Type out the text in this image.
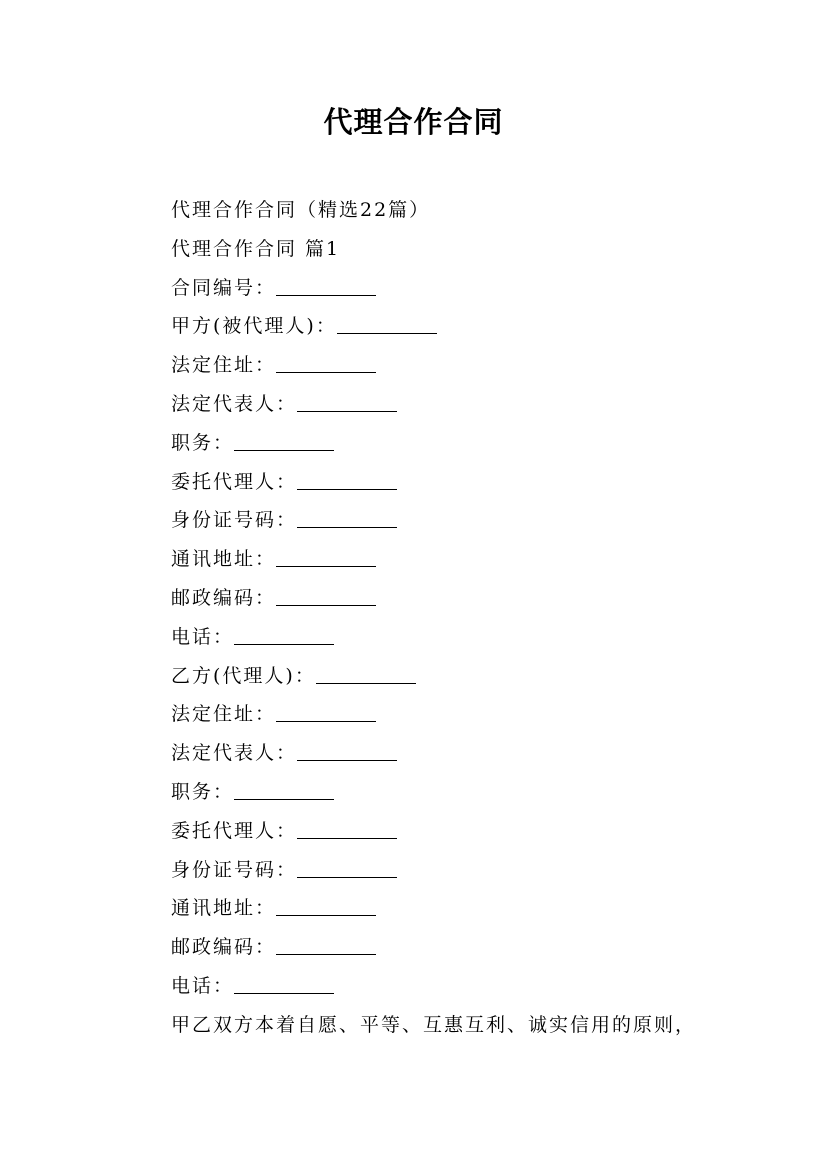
代理合作合同
代理合作合同（精选22篇）
代理合作合同 篇1
合同编号：
甲方(被代理人)：
法定住址：
法定代表人：
职务：
委托代理人：
身份证号码：
通讯地址：
邮政编码：
电话：
乙方(代理人)：
法定住址：
法定代表人：
职务：
委托代理人：
身份证号码：
通讯地址：
邮政编码：
电话：
甲乙双方本着自愿、平等、互惠互利、诚实信用的原则，
